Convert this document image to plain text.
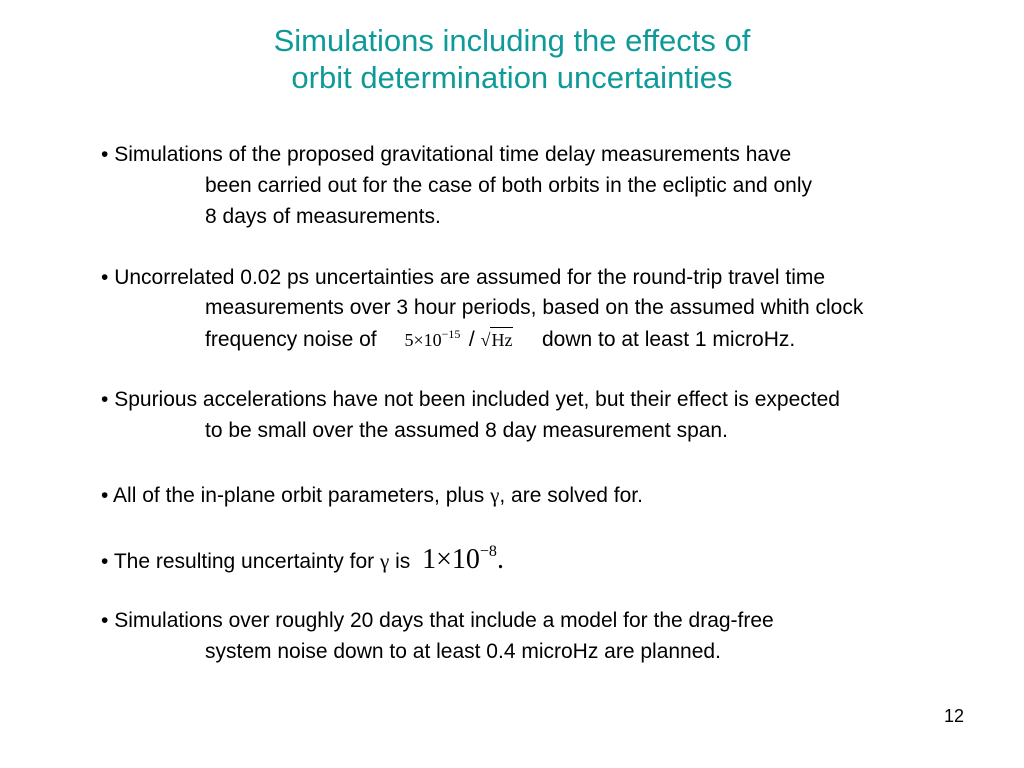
Simulations including the effects of
orbit determination uncertainties
• Simulations of the proposed gravitational time delay measurements have
been carried out for the case of both orbits in the ecliptic and only
8 days of measurements.
• Uncorrelated 0.02 ps uncertainties are assumed for the round-trip travel time
measurements over 3 hour periods, based on the assumed whith clock
frequency noise of $5\times 10^{-15} / √Hz$ down to at least 1 microHz.
• Spurious accelerations have not been included yet, but their effect is expected
to be small over the assumed 8 day measurement span.
• All of the in-plane orbit parameters, plus γ, are solved for.
• The resulting uncertainty for γ is $1\times 10^{-8}$.
• Simulations over roughly 20 days that include a model for the drag-free
system noise down to at least 0.4 microHz are planned.
12
